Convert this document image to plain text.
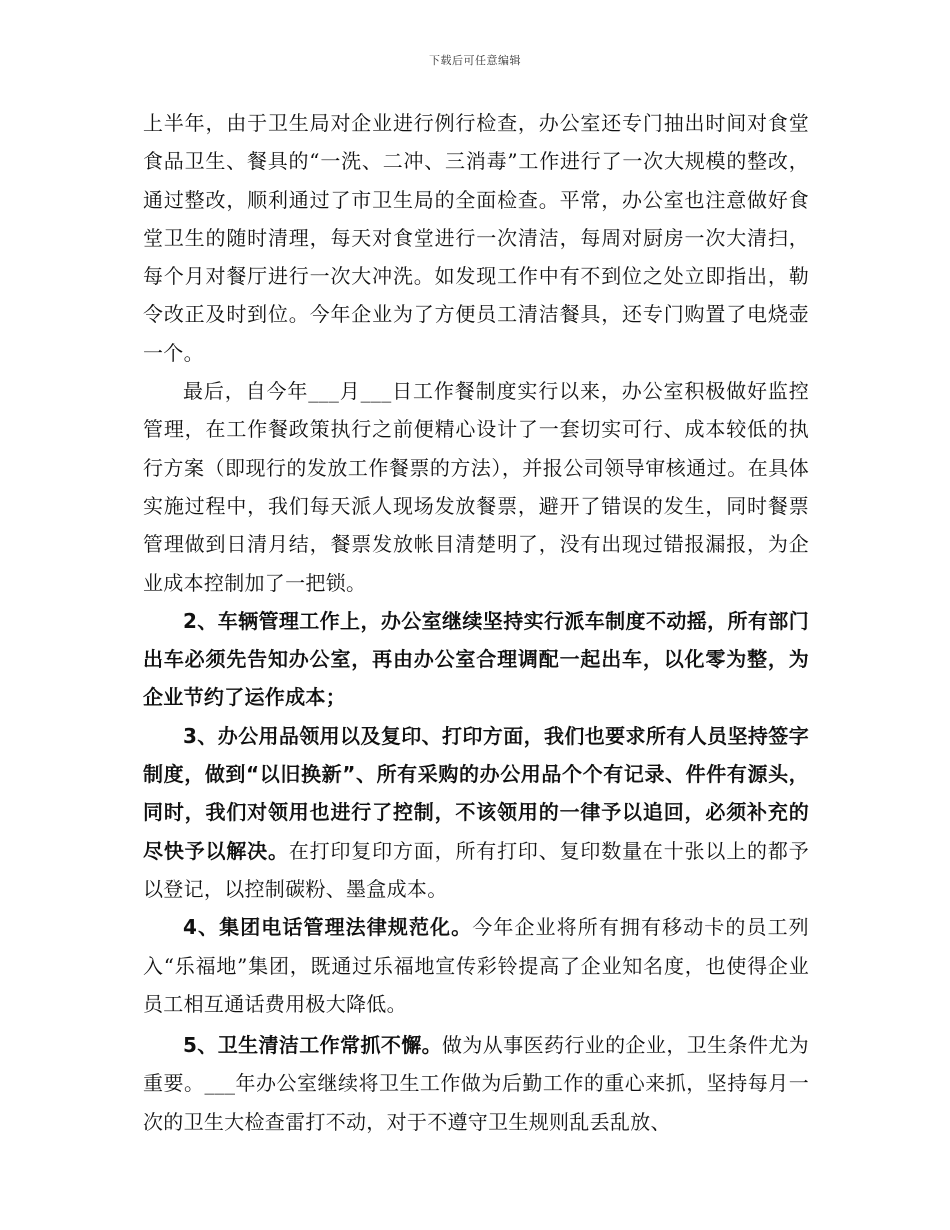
下载后可任意编辑

上半年，由于卫生局对企业进行例行检查，办公室还专门抽出时间对食堂食品卫生、餐具的“一洗、二冲、三消毒”工作进行了一次大规模的整改，通过整改，顺利通过了市卫生局的全面检查。平常，办公室也注意做好食堂卫生的随时清理，每天对食堂进行一次清洁，每周对厨房一次大清扫，每个月对餐厅进行一次大冲洗。如发现工作中有不到位之处立即指出，勒令改正及时到位。今年企业为了方便员工清洁餐具，还专门购置了电烧壶一个。

最后，自今年___月___日工作餐制度实行以来，办公室积极做好监控管理，在工作餐政策执行之前便精心设计了一套切实可行、成本较低的执行方案（即现行的发放工作餐票的方法），并报公司领导审核通过。在具体实施过程中，我们每天派人现场发放餐票，避开了错误的发生，同时餐票管理做到日清月结，餐票发放帐目清楚明了，没有出现过错报漏报，为企业成本控制加了一把锁。

2、车辆管理工作上，办公室继续坚持实行派车制度不动摇，所有部门出车必须先告知办公室，再由办公室合理调配一起出车，以化零为整，为企业节约了运作成本；

3、办公用品领用以及复印、打印方面，我们也要求所有人员坚持签字制度，做到“以旧换新”、所有采购的办公用品个个有记录、件件有源头，同时，我们对领用也进行了控制，不该领用的一律予以追回，必须补充的尽快予以解决。在打印复印方面，所有打印、复印数量在十张以上的都予以登记，以控制碳粉、墨盒成本。

4、集团电话管理法律规范化。今年企业将所有拥有移动卡的员工列入“乐福地”集团，既通过乐福地宣传彩铃提高了企业知名度，也使得企业员工相互通话费用极大降低。

5、卫生清洁工作常抓不懈。做为从事医药行业的企业，卫生条件尤为重要。___年办公室继续将卫生工作做为后勤工作的重心来抓，坚持每月一次的卫生大检查雷打不动，对于不遵守卫生规则乱丢乱放、
